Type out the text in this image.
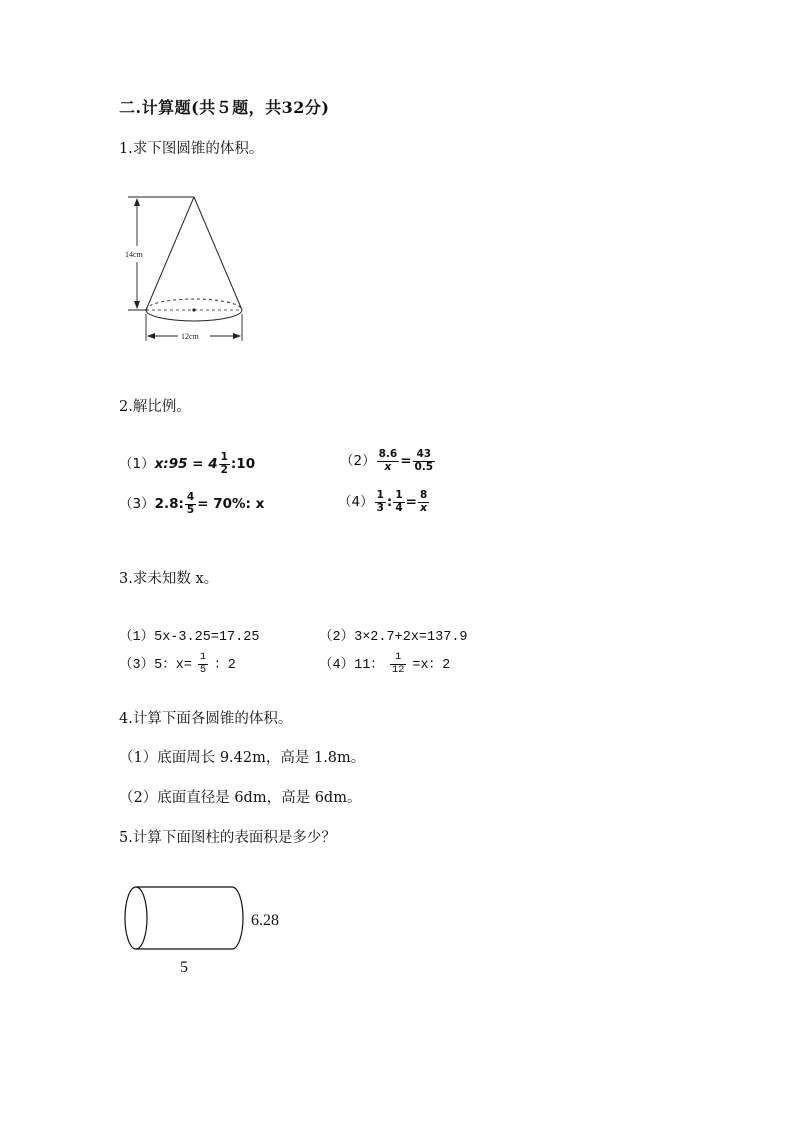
二.计算题(共５题，共32分)
1.求下图圆锥的体积。
14cm
12cm
2.解比例。
（1）x:95 = $4 \frac{1}{2}$ :10	$(2) \frac{8.6}{x} = \frac{43}{0.5}$
（3）2.8: $\frac{4}{5} = 70\%$: x	$(4) \frac{1}{3}$ : $\frac{1}{4} = \frac{8}{x}$
3.求未知数 x。
（1）5x-3.25=17.25	（2）3×2.7+2x=137.9
（3）5：$x= \frac{1}{5}$ ：2	（4）11： $\frac{1}{12} =x$：2
4.计算下面各圆锥的体积。
（1）底面周长 9.42m，高是 1.8m。
（2）底面直径是 6dm，高是 6dm。
5.计算下面图柱的表面积是多少？
6.28
5
